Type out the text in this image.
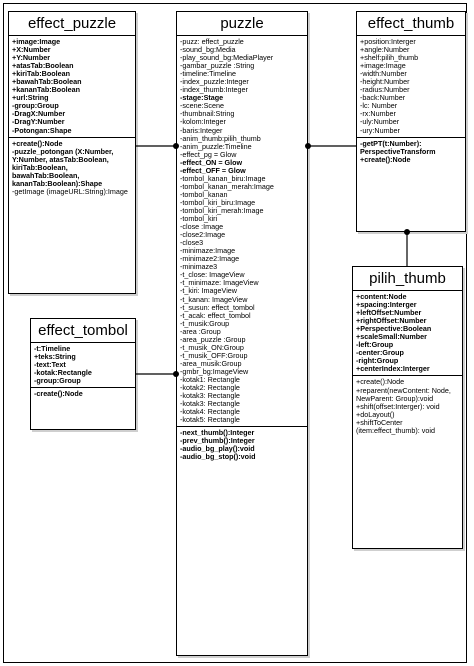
effect_puzzle
+image:Image
+X:Number
+Y:Number
+atasTab:Boolean
+kiriTab:Boolean
+bawahTab:Boolean
+kananTab:Boolean
+url:String
-group:Group
-DragX:Number
-DragY:Number
-Potongan:Shape
+create():Node
-puzzle_potongan (X:Number, Y:Number, atasTab:Boolean, kiriTab:Boolean, bawahTab:Boolean, kananTab:Boolean):Shape
-getImage (imageURL:String):Image
puzzle
-puzz: effect_puzzle
-sound_bg:Media
-play_sound_bg:MediaPlayer
-gambar_puzzle :String
-timeline:Timeline
-index_puzzle:Integer
-index_thumb:Integer
-stage:Stage
-scene:Scene
-thumbnail:String
-kolom:Integer
-baris:Integer
-anim_thumb:pilih_thumb
-anim_puzzle:Timeline
-effect_pg = Glow
-effect_ON = Glow
-effect_OFF = Glow
-tombol_kanan_biru:Image
-tombol_kanan_merah:Image
-tombol_kanan
-tombol_kiri_biru:Image
-tombol_kiri_merah:Image
-tombol_kiri
-close :Image
-close2:Image
-close3
-minimaze:Image
-minimaze2:Image
-minimaze3
-t_close: ImageView
-t_minimaze: ImageView
-t_kiri: ImageView
-t_kanan: ImageView
-t_susun: effect_tombol
-t_acak: effect_tombol
-t_musik:Group
-area :Group
-area_puzzle :Group
-t_musik_ON:Group
-t_musik_OFF:Group
-area_musik:Group
-gmbr_bg:ImageView
-kotak1: Rectangle
-kotak2: Rectangle
-kotak3: Rectangle
-kotak3: Rectangle
-kotak4: Rectangle
-kotak5: Rectangle
-next_thumb():Integer
-prev_thumb():Integer
-audio_bg_play():void
-audio_bg_stop():void
effect_thumb
+position:Interger
+angle:Number
+shelf:pilih_thumb
+image:Image
-width:Number
-height:Number
-radius:Number
-back:Number
-lc: Number
-rx:Number
-uly:Number
-ury:Number
-getPT(t:Number): PerspectiveTransform
+create():Node
pilih_thumb
+content:Node
+spacing:Interger
+leftOffset:Number
+rightOffset:Number
+Perspective:Boolean
+scaleSmall:Number
-left:Group
-center:Group
-right:Group
+centerIndex:Interger
+create():Node
+reparent(newContent: Node, NewParent: Group):void
+shift(offset:Interger): void
+doLayout()
+shiftToCenter (item:effect_thumb): void
effect_tombol
-t:Timeline
+teks:String
-text:Text
-kotak:Rectangle
-group:Group
-create():Node
